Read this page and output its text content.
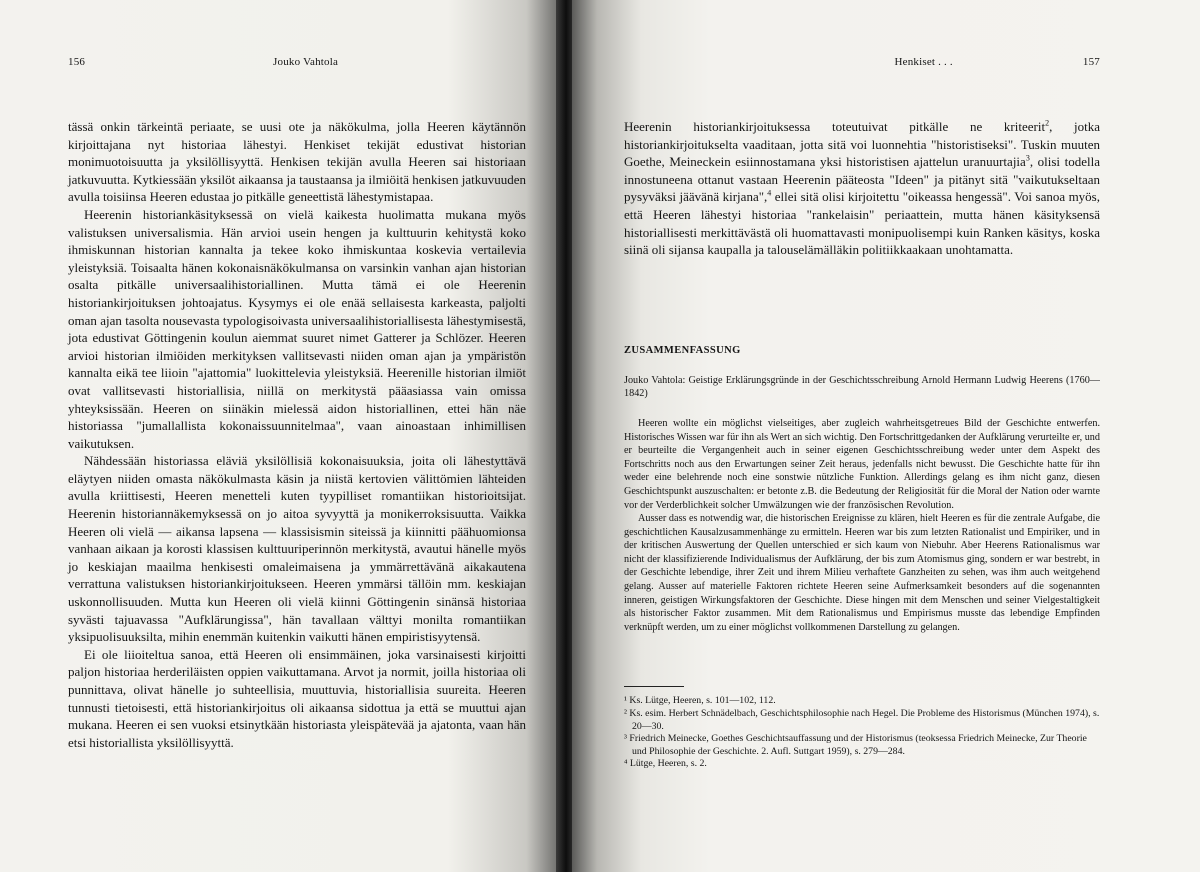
156	Jouko Vahtola

tässä onkin tärkeintä periaate, se uusi ote ja näkökulma, jolla Heeren käytännön kirjoittajana nyt historiaa lähestyi. Henkiset tekijät edustivat historian monimuotoisuutta ja yksilöllisyyttä. Henkisen tekijän avulla Heeren sai historiaan jatkuvuutta. Kytkiessään yksilöt aikaansa ja taustaansa ja ilmiöitä henkisen jatkuvuuden avulla toisiinsa Heeren edustaa jo pitkälle geneettistä lähestymistapaa.

Heerenin historiankäsityksessä on vielä kaikesta huolimatta mukana myös valistuksen universalismia. Hän arvioi usein hengen ja kulttuurin kehitystä koko ihmiskunnan historian kannalta ja tekee koko ihmiskuntaa koskevia vertailevia yleistyksiä. Toisaalta hänen kokonaisnäkökulmansa on varsinkin vanhan ajan historian osalta pitkälle universaalihistoriallinen. Mutta tämä ei ole Heerenin historiankirjoituksen johtoajatus. Kysymys ei ole enää sellaisesta karkeasta, paljolti oman ajan tasolta nousevasta typologisoivasta universaalihistoriallisesta lähestymisestä, jota edustivat Göttingenin koulun aiemmat suuret nimet Gatterer ja Schlözer. Heeren arvioi historian ilmiöiden merkityksen vallitsevasti niiden oman ajan ja ympäristön kannalta eikä tee liioin "ajattomia" luokittelevia yleistyksiä. Heerenille historian ilmiöt ovat vallitsevasti historiallisia, niillä on merkitystä pääasiassa vain omissa yhteyksissään. Heeren on siinäkin mielessä aidon historiallinen, ettei hän näe historiassa "jumallallista kokonaissuunnitelmaa", vaan ainoastaan inhimillisen vaikutuksen.

Nähdessään historiassa eläviä yksilöllisiä kokonaisuuksia, joita oli lähestyttävä eläytyen niiden omasta näkökulmasta käsin ja niistä kertovien välittömien lähteiden avulla kriittisesti, Heeren menetteli kuten tyypilliset romantiikan historioitsijat. Heerenin historiannäkemyksessä on jo aitoa syvyyttä ja monikerroksisuutta. Vaikka Heeren oli vielä — aikansa lapsena — klassisismin siteissä ja kiinnitti päähuomionsa vanhaan aikaan ja korosti klassisen kulttuuriperinnön merkitystä, avautui hänelle myös jo keskiajan maailma henkisesti omaleimaisena ja ymmärrettävänä aikakautena verrattuna valistuksen historiankirjoitukseen. Heeren ymmärsi tällöin mm. keskiajan uskonnollisuuden. Mutta kun Heeren oli vielä kiinni Göttingenin sinänsä historiaa syvästi tajuavassa "Aufklärungissa", hän tavallaan välttyi monilta romantiikan yksipuolisuuksilta, mihin enemmän kuitenkin vaikutti hänen empiristisyytensä.

Ei ole liioiteltua sanoa, että Heeren oli ensimmäinen, joka varsinaisesti kirjoitti paljon historiaa herderiläisten oppien vaikuttamana. Arvot ja normit, joilla historiaa oli punnittava, olivat hänelle jo suhteellisia, muuttuvia, historiallisia suureita. Heeren tunnusti tietoisesti, että historiankirjoitus oli aikaansa sidottua ja että se muuttui ajan mukana. Heeren ei sen vuoksi etsinytkään historiasta yleispätevää ja ajatonta, vaan hän etsi historiallista yksilöllisyyttä.

Henkiset . . .	157

Heerenin historiankirjoituksessa toteutuivat pitkälle ne kriteerit$^2$, jotka historiankirjoitukselta vaaditaan, jotta sitä voi luonnehtia "historistiseksi". Tuskin muuten Goethe, Meineckein esiinnostamana yksi historistisen ajattelun uranuurtajia$^3$, olisi todella innostuneena ottanut vastaan Heerenin pääteosta "Ideen" ja pitänyt sitä "vaikutukseltaan pysyväksi jäävänä kirjana",$^4$ ellei sitä olisi kirjoitettu "oikeassa hengessä". Voi sanoa myös, että Heeren lähestyi historiaa "rankelaisin" periaattein, mutta hänen käsityksensä historiallisesti merkittävästä oli huomattavasti monipuolisempi kuin Ranken käsitys, koska siinä oli sijansa kaupalla ja talouselämälläkin politiikkaakaan unohtamatta.

ZUSAMMENFASSUNG

Jouko Vahtola: Geistige Erklärungsgründe in der Geschichtsschreibung Arnold Hermann Ludwig Heerens (1760—1842)

Heeren wollte ein möglichst vielseitiges, aber zugleich wahrheitsgetreues Bild der Geschichte entwerfen. Historisches Wissen war für ihn als Wert an sich wichtig. Den Fortschrittgedanken der Aufklärung verurteilte er, und er beurteilte die Vergangenheit auch in seiner eigenen Geschichtsschreibung weder unter dem Aspekt des Fortschritts noch aus den Erwartungen seiner Zeit heraus, jedenfalls nicht bewusst. Die Geschichte hatte für ihn weder eine belehrende noch eine sonstwie nützliche Funktion. Allerdings gelang es ihm nicht ganz, diesen Geschichtspunkt auszuschalten: er betonte z.B. die Bedeutung der Religiosität für die Moral der Nation oder warnte vor der Verderblichkeit solcher Umwälzungen wie der französischen Revolution.

Ausser dass es notwendig war, die historischen Ereignisse zu klären, hielt Heeren es für die zentrale Aufgabe, die geschichtlichen Kausalzusammenhänge zu ermitteln. Heeren war bis zum letzten Rationalist und Empiriker, und in der kritischen Auswertung der Quellen unterschied er sich kaum von Niebuhr. Aber Heerens Rationalismus war nicht der klassifizierende Individualismus der Aufklärung, der bis zum Atomismus ging, sondern er war bestrebt, in der Geschichte lebendige, ihrer Zeit und ihrem Milieu verhaftete Ganzheiten zu sehen, was ihm auch weitgehend gelang. Ausser auf materielle Faktoren richtete Heeren seine Aufmerksamkeit besonders auf die sogenannten inneren, geistigen Wirkungsfaktoren der Geschichte. Diese hingen mit dem Menschen und seiner Vielgestaltigkeit als historischer Faktor zusammen. Mit dem Rationalismus und Empirismus musste das lebendige Empfinden verknüpft werden, um zu einer möglichst vollkommenen Darstellung zu gelangen.

¹ Ks. Lütge, Heeren, s. 101—102, 112.

² Ks. esim. Herbert Schnädelbach, Geschichtsphilosophie nach Hegel. Die Probleme des Historismus (München 1974), s. 20—30.

³ Friedrich Meinecke, Goethes Geschichtsauffassung und der Historismus (teoksessa Friedrich Meinecke, Zur Theorie und Philosophie der Geschichte. 2. Aufl. Suttgart 1959), s. 279—284.

⁴ Lütge, Heeren, s. 2.
